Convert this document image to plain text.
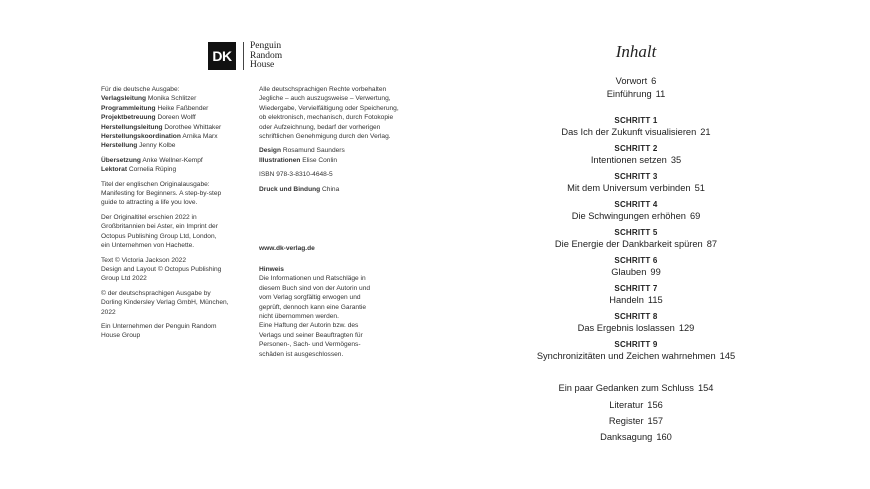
DK
Penguin
Random
House
Für die deutsche Ausgabe:
Verlagsleitung Monika Schlitzer
Programmleitung Heike Faßbender
Projektbetreuung Doreen Wolff
Herstellungsleitung Dorothee Whittaker
Herstellungskoordination Arnika Marx
Herstellung Jenny Kolbe
Übersetzung Anke Wellner-Kempf
Lektorat Cornelia Rüping
Titel der englischen Originalausgabe:
Manifesting for Beginners. A step-by-step
guide to attracting a life you love.
Der Originaltitel erschien 2022 in
Großbritannien bei Aster, ein Imprint der
Octopus Publishing Group Ltd, London,
ein Unternehmen von Hachette.
Text © Victoria Jackson 2022
Design and Layout © Octopus Publishing
Group Ltd 2022
© der deutschsprachigen Ausgabe by
Dorling Kindersley Verlag GmbH, München,
2022
Ein Unternehmen der Penguin Random
House Group
Alle deutschsprachigen Rechte vorbehalten
Jegliche – auch auszugsweise – Verwertung,
Wiedergabe, Vervielfältigung oder Speicherung,
ob elektronisch, mechanisch, durch Fotokopie
oder Aufzeichnung, bedarf der vorherigen
schriftlichen Genehmigung durch den Verlag.
Design Rosamund Saunders
Illustrationen Elise Conlin
ISBN 978-3-8310-4648-5
Druck und Bindung China
www.dk-verlag.de
Hinweis
Die Informationen und Ratschläge in
diesem Buch sind von der Autorin und
vom Verlag sorgfältig erwogen und
geprüft, dennoch kann eine Garantie
nicht übernommen werden.
Eine Haftung der Autorin bzw. des
Verlags und seiner Beauftragten für
Personen-, Sach- und Vermögens-
schäden ist ausgeschlossen.
Inhalt
Vorwort 6
Einführung 11
SCHRITT 1
Das Ich der Zukunft visualisieren 21
SCHRITT 2
Intentionen setzen 35
SCHRITT 3
Mit dem Universum verbinden 51
SCHRITT 4
Die Schwingungen erhöhen 69
SCHRITT 5
Die Energie der Dankbarkeit spüren 87
SCHRITT 6
Glauben 99
SCHRITT 7
Handeln 115
SCHRITT 8
Das Ergebnis loslassen 129
SCHRITT 9
Synchronizitäten und Zeichen wahrnehmen 145
Ein paar Gedanken zum Schluss 154
Literatur 156
Register 157
Danksagung 160
